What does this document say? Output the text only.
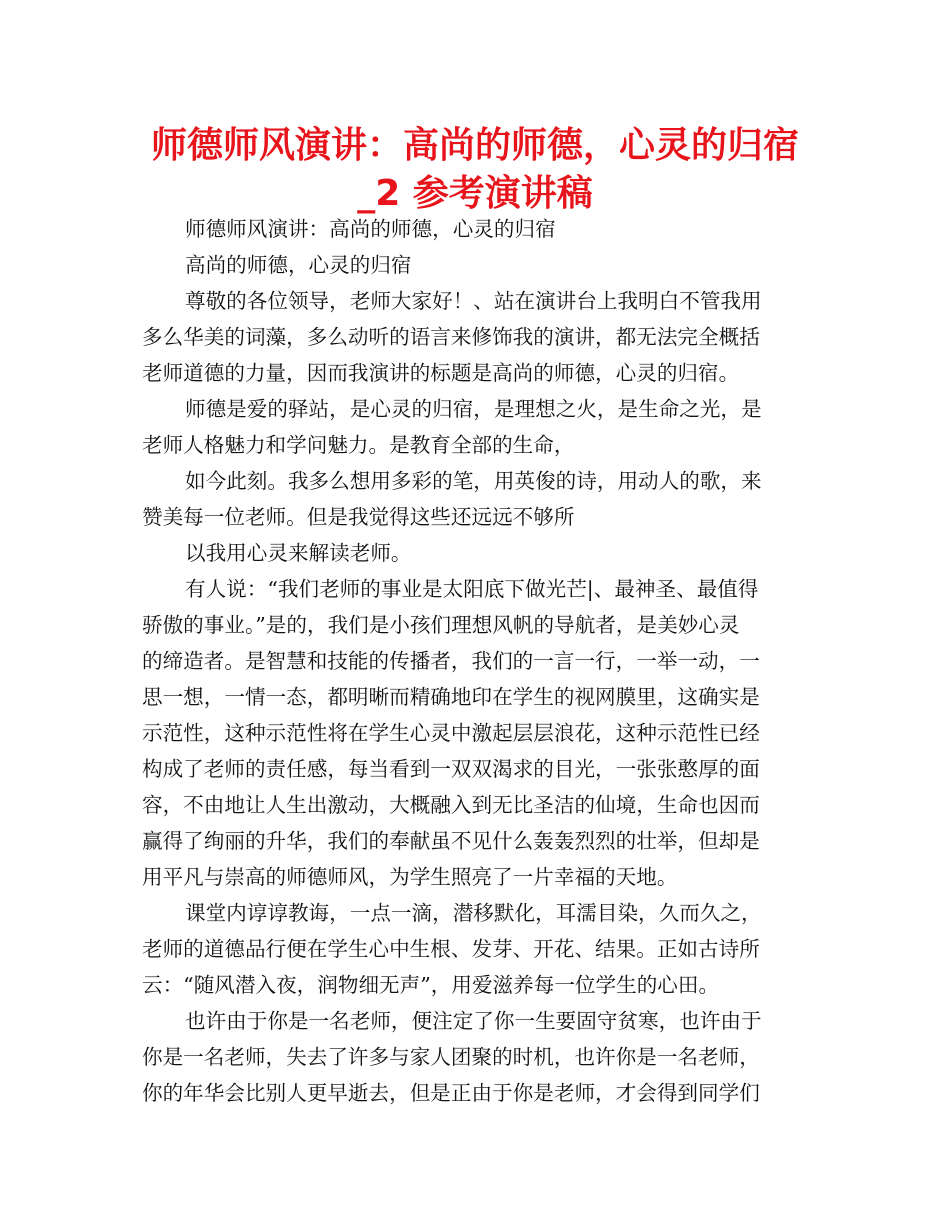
师德师风演讲：高尚的师德，心灵的归宿
_2 参考演讲稿
师德师风演讲：高尚的师德，心灵的归宿
高尚的师德，心灵的归宿
尊敬的各位领导，老师大家好！、站在演讲台上我明白不管我用
多么华美的词藻，多么动听的语言来修饰我的演讲，都无法完全概括
老师道德的力量，因而我演讲的标题是高尚的师德，心灵的归宿。
师德是爱的驿站，是心灵的归宿，是理想之火，是生命之光，是
老师人格魅力和学问魅力。是教育全部的生命，
如今此刻。我多么想用多彩的笔，用英俊的诗，用动人的歌，来
赞美每一位老师。但是我觉得这些还远远不够所
以我用心灵来解读老师。
有人说：“我们老师的事业是太阳底下做光芒|、最神圣、最值得
骄傲的事业。”是的，我们是小孩们理想风帆的导航者，是美妙心灵
的缔造者。是智慧和技能的传播者，我们的一言一行，一举一动，一
思一想，一情一态，都明晰而精确地印在学生的视网膜里，这确实是
示范性，这种示范性将在学生心灵中激起层层浪花，这种示范性已经
构成了老师的责任感，每当看到一双双渴求的目光，一张张憨厚的面
容，不由地让人生出激动，大概融入到无比圣洁的仙境，生命也因而
赢得了绚丽的升华，我们的奉献虽不见什么轰轰烈烈的壮举，但却是
用平凡与崇高的师德师风，为学生照亮了一片幸福的天地。
课堂内谆谆教诲，一点一滴，潜移默化，耳濡目染，久而久之，
老师的道德品行便在学生心中生根、发芽、开花、结果。正如古诗所
云：“随风潜入夜，润物细无声”，用爱滋养每一位学生的心田。
也许由于你是一名老师，便注定了你一生要固守贫寒，也许由于
你是一名老师，失去了许多与家人团聚的时机，也许你是一名老师，
你的年华会比别人更早逝去，但是正由于你是老师，才会得到同学们
